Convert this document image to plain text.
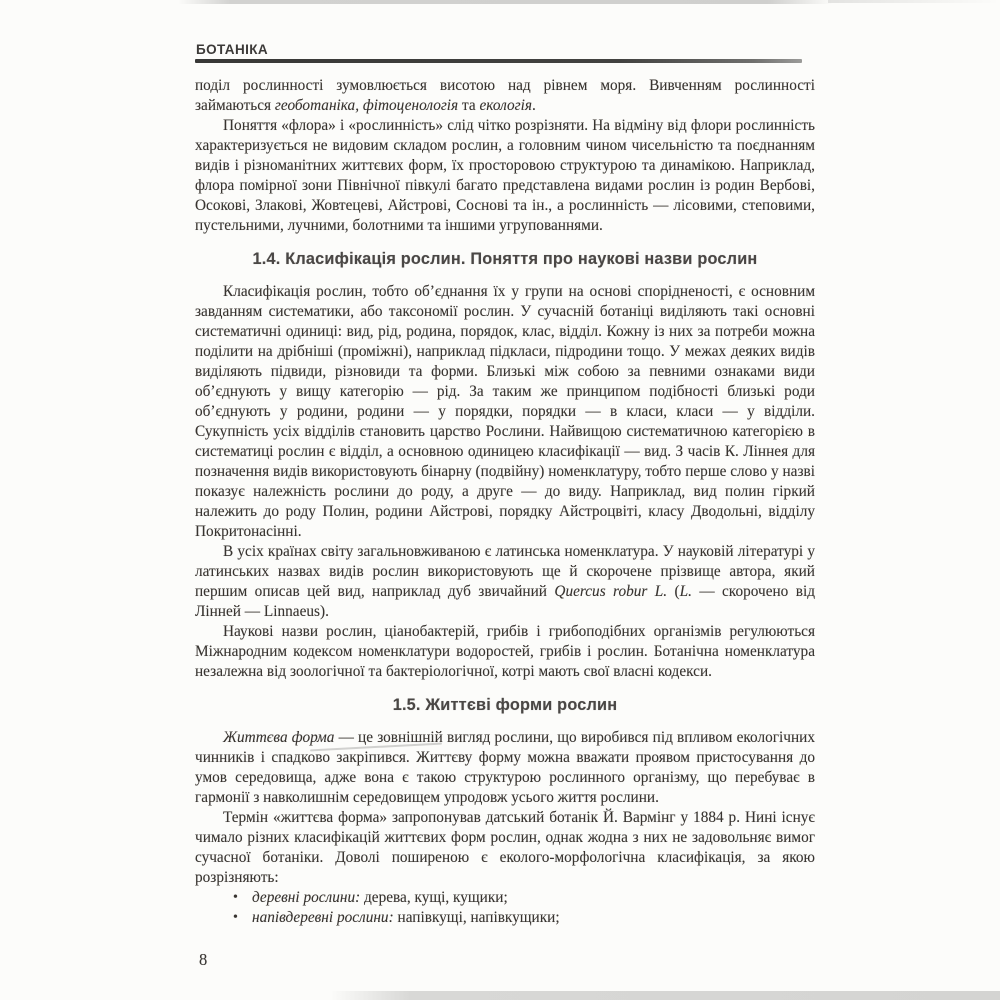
БОТАНІКА

поділ рослинності зумовлюється висотою над рівнем моря. Вивченням рослинності займаються геоботаніка, фітоценологія та екологія.

Поняття «флора» і «рослинність» слід чітко розрізняти. На відміну від флори рослинність характеризується не видовим складом рослин, а головним чином чисельністю та поєднанням видів і різноманітних життєвих форм, їх просторовою структурою та динамікою. Наприклад, флора помірної зони Північної півкулі багато представлена видами рослин із родин Вербові, Осокові, Злакові, Жовтецеві, Айстрові, Соснові та ін., а рослинність — лісовими, степовими, пустельними, лучними, болотними та іншими угрупованнями.

1.4. Класифікація рослин. Поняття про наукові назви рослин

Класифікація рослин, тобто об’єднання їх у групи на основі спорідненості, є основним завданням систематики, або таксономії рослин. У сучасній ботаніці виділяють такі основні систематичні одиниці: вид, рід, родина, порядок, клас, відділ. Кожну із них за потреби можна поділити на дрібніші (проміжні), наприклад підкласи, підродини тощо. У межах деяких видів виділяють підвиди, різновиди та форми. Близькі між собою за певними ознаками види об’єднують у вищу категорію — рід. За таким же принципом подібності близькі роди об’єднують у родини, родини — у порядки, порядки — в класи, класи — у відділи. Сукупність усіх відділів становить царство Рослини. Найвищою систематичною категорією в систематиці рослин є відділ, а основною одиницею класифікації — вид. З часів К. Ліннея для позначення видів використовують бінарну (подвійну) номенклатуру, тобто перше слово у назві показує належність рослини до роду, а друге — до виду. Наприклад, вид полин гіркий належить до роду Полин, родини Айстрові, порядку Айстроцвіті, класу Дводольні, відділу Покритонасінні.

В усіх країнах світу загальновживаною є латинська номенклатура. У науковій літературі у латинських назвах видів рослин використовують ще й скорочене прізвище автора, який першим описав цей вид, наприклад дуб звичайний Quercus robur L. (L. — скорочено від Лінней — Linnaeus).

Наукові назви рослин, ціанобактерій, грибів і грибоподібних організмів регулюються Міжнародним кодексом номенклатури водоростей, грибів і рослин. Ботанічна номенклатура незалежна від зоологічної та бактеріологічної, котрі мають свої власні кодекси.

1.5. Життєві форми рослин

Життєва форма — це зовнішній вигляд рослини, що виробився під впливом екологічних чинників і спадково закріпився. Життєву форму можна вважати проявом пристосування до умов середовища, адже вона є такою структурою рослинного організму, що перебуває в гармонії з навколишнім середовищем упродовж усього життя рослини.

Термін «життєва форма» запропонував датський ботанік Й. Вармінг у 1884 р. Нині існує чимало різних класифікацій життєвих форм рослин, однак жодна з них не задовольняє вимог сучасної ботаніки. Доволі поширеною є еколого-морфологічна класифікація, за якою розрізняють:

• деревні рослини: дерева, кущі, кущики;
• напівдеревні рослини: напівкущі, напівкущики;
8
